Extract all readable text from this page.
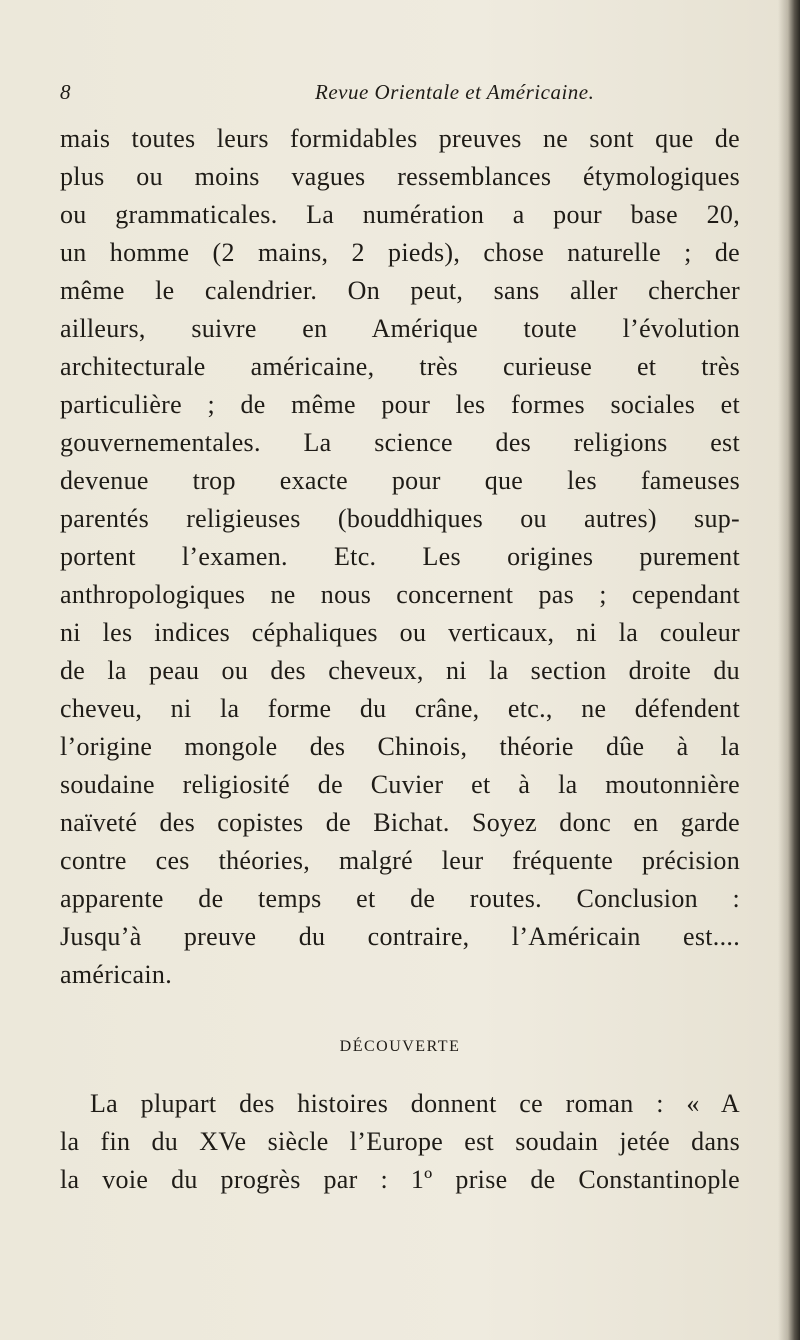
8	Revue Orientale et Américaine.
mais toutes leurs formidables preuves ne sont que de
plus ou moins vagues ressemblances étymologiques
ou grammaticales. La numération a pour base 20,
un homme (2 mains, 2 pieds), chose naturelle ; de
même le calendrier. On peut, sans aller chercher
ailleurs, suivre en Amérique toute l’évolution
architecturale américaine, très curieuse et très
particulière ; de même pour les formes sociales et
gouvernementales. La science des religions est
devenue trop exacte pour que les fameuses
parentés religieuses (bouddhiques ou autres) sup-
portent l’examen. Etc. Les origines purement
anthropologiques ne nous concernent pas ; cependant
ni les indices céphaliques ou verticaux, ni la couleur
de la peau ou des cheveux, ni la section droite du
cheveu, ni la forme du crâne, etc., ne défendent
l’origine mongole des Chinois, théorie dûe à la
soudaine religiosité de Cuvier et à la moutonnière
naïveté des copistes de Bichat. Soyez donc en garde
contre ces théories, malgré leur fréquente précision
apparente de temps et de routes. Conclusion :
Jusqu’à preuve du contraire, l’Américain est....
américain.
DÉCOUVERTE
La plupart des histoires donnent ce roman : « A
la fin du XVe siècle l’Europe est soudain jetée dans
la voie du progrès par : 1º prise de Constantinople
